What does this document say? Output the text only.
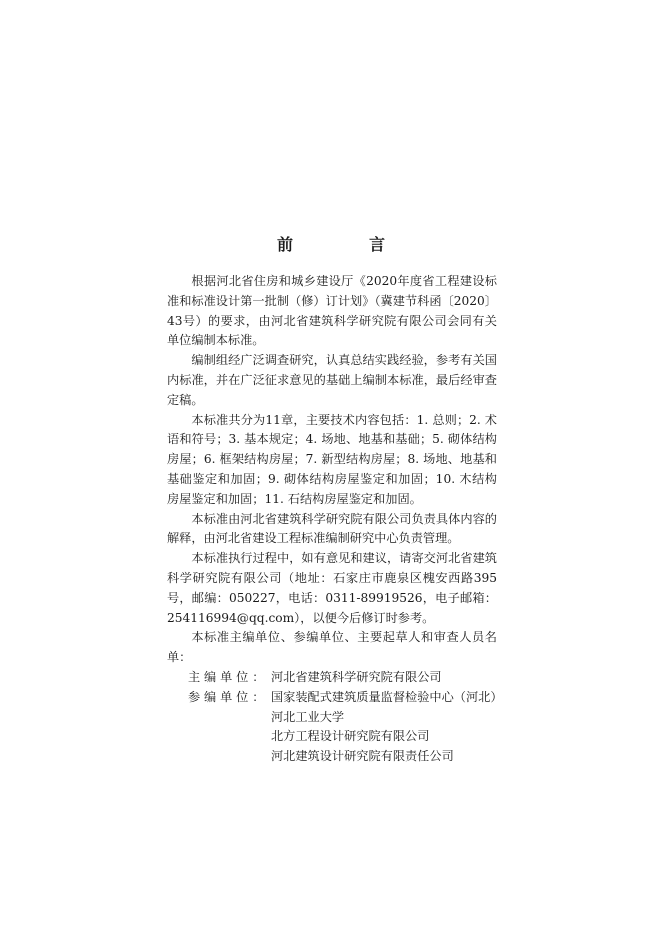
前　言

根据河北省住房和城乡建设厅《2020年度省工程建设标准和标准设计第一批制（修）订计划》（冀建节科函〔2020〕43号）的要求，由河北省建筑科学研究院有限公司会同有关单位编制本标准。

编制组经广泛调查研究，认真总结实践经验，参考有关国内标准，并在广泛征求意见的基础上编制本标准，最后经审查定稿。

本标准共分为11章，主要技术内容包括：1. 总则；2. 术语和符号；3. 基本规定；4. 场地、地基和基础；5. 砌体结构房屋；6. 框架结构房屋；7. 新型结构房屋；8. 场地、地基和基础鉴定和加固；9. 砌体结构房屋鉴定和加固；10. 木结构房屋鉴定和加固；11. 石结构房屋鉴定和加固。

本标准由河北省建筑科学研究院有限公司负责具体内容的解释，由河北省建设工程标准编制研究中心负责管理。

本标准执行过程中，如有意见和建议，请寄交河北省建筑科学研究院有限公司（地址：石家庄市鹿泉区槐安西路395号，邮编：050227，电话：0311-89919526，电子邮箱：254116994@qq.com），以便今后修订时参考。

本标准主编单位、参编单位、主要起草人和审查人员名单：

主 编 单 位 ： 河北省建筑科学研究院有限公司
参 编 单 位 ： 国家装配式建筑质量监督检验中心（河北）
河北工业大学
北方工程设计研究院有限公司
河北建筑设计研究院有限责任公司
